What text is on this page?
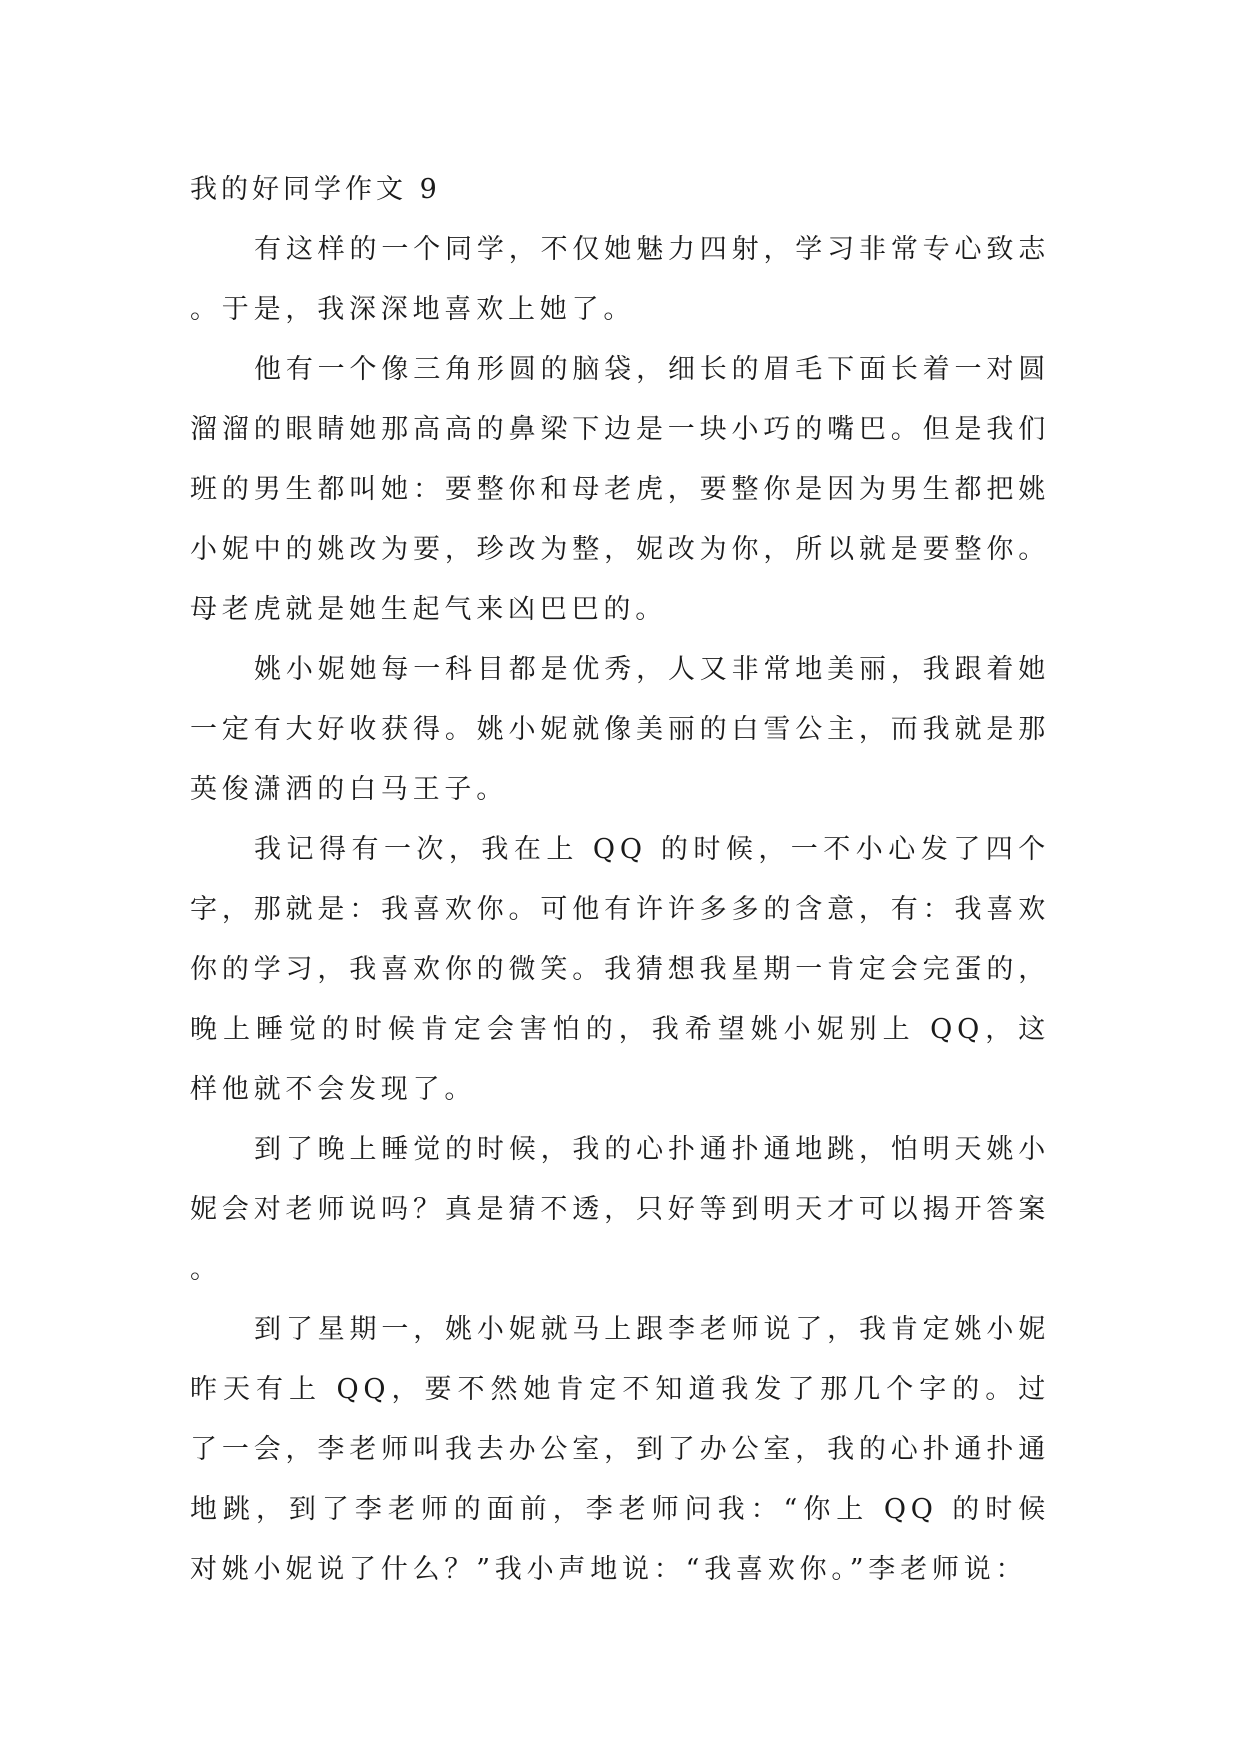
我的好同学作文 9

有这样的一个同学，不仅她魅力四射，学习非常专心致志。于是，我深深地喜欢上她了。

他有一个像三角形圆的脑袋，细长的眉毛下面长着一对圆溜溜的眼睛她那高高的鼻梁下边是一块小巧的嘴巴。但是我们班的男生都叫她：要整你和母老虎，要整你是因为男生都把姚小妮中的姚改为要，珍改为整，妮改为你，所以就是要整你。母老虎就是她生起气来凶巴巴的。

姚小妮她每一科目都是优秀，人又非常地美丽，我跟着她一定有大好收获得。姚小妮就像美丽的白雪公主，而我就是那英俊潇洒的白马王子。

我记得有一次，我在上 QQ 的时候，一不小心发了四个字，那就是：我喜欢你。可他有许许多多的含意，有：我喜欢你的学习，我喜欢你的微笑。我猜想我星期一肯定会完蛋的，晚上睡觉的时候肯定会害怕的，我希望姚小妮别上 QQ，这样他就不会发现了。

到了晚上睡觉的时候，我的心扑通扑通地跳，怕明天姚小妮会对老师说吗？真是猜不透，只好等到明天才可以揭开答案。

到了星期一，姚小妮就马上跟李老师说了，我肯定姚小妮昨天有上 QQ，要不然她肯定不知道我发了那几个字的。过了一会，李老师叫我去办公室，到了办公室，我的心扑通扑通地跳，到了李老师的面前，李老师问我：“你上 QQ 的时候对姚小妮说了什么？”我小声地说：“我喜欢你。”李老师说：
